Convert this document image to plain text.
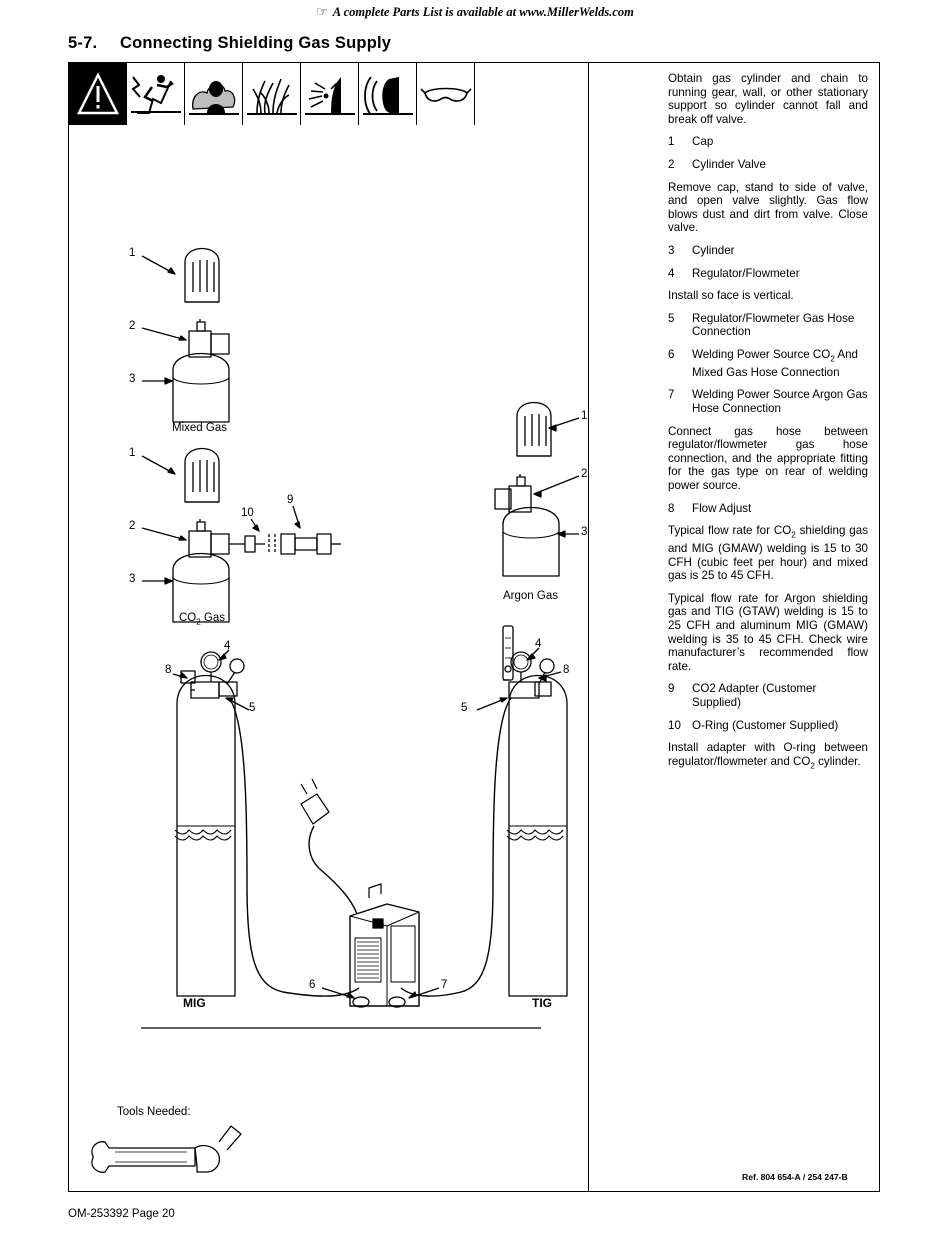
☞ A complete Parts List is available at www.MillerWelds.com
5-7. Connecting Shielding Gas Supply

Obtain gas cylinder and chain to running gear, wall, or other stationary support so cylinder cannot fall and break off valve.

1	Cap
2	Cylinder Valve

Remove cap, stand to side of valve, and open valve slightly. Gas flow blows dust and dirt from valve. Close valve.

3	Cylinder
4	Regulator/Flowmeter

Install so face is vertical.

5	Regulator/Flowmeter Gas Hose Connection
6	Welding Power Source $CO_2$ And Mixed Gas Hose Connection
7	Welding Power Source Argon Gas Hose Connection

Connect gas hose between regulator/flowmeter gas hose connection, and the appropriate fitting for the gas type on rear of welding power source.

8	Flow Adjust

Typical flow rate for $CO_2$ shielding gas and MIG (GMAW) welding is 15 to 30 CFH (cubic feet per hour) and mixed gas is 25 to 45 CFH.

Typical flow rate for Argon shielding gas and TIG (GTAW) welding is 15 to 25 CFH and aluminum MIG (GMAW) welding is 35 to 45 CFH. Check wire manufacturer’s recommended flow rate.

9	CO2 Adapter (Customer Supplied)
10 O-Ring (Customer Supplied)

Install adapter with O-ring between regulator/flowmeter and $CO_2$ cylinder.

1
2
3
1
2
3
10
9
1
2
3
4
8
5
4
8
5
6	7
Mixed Gas
$CO_2$ Gas
Argon Gas
MIG	TIG
Tools Needed:
Ref. 804 654-A / 254 247-B
OM-253392 Page 20
